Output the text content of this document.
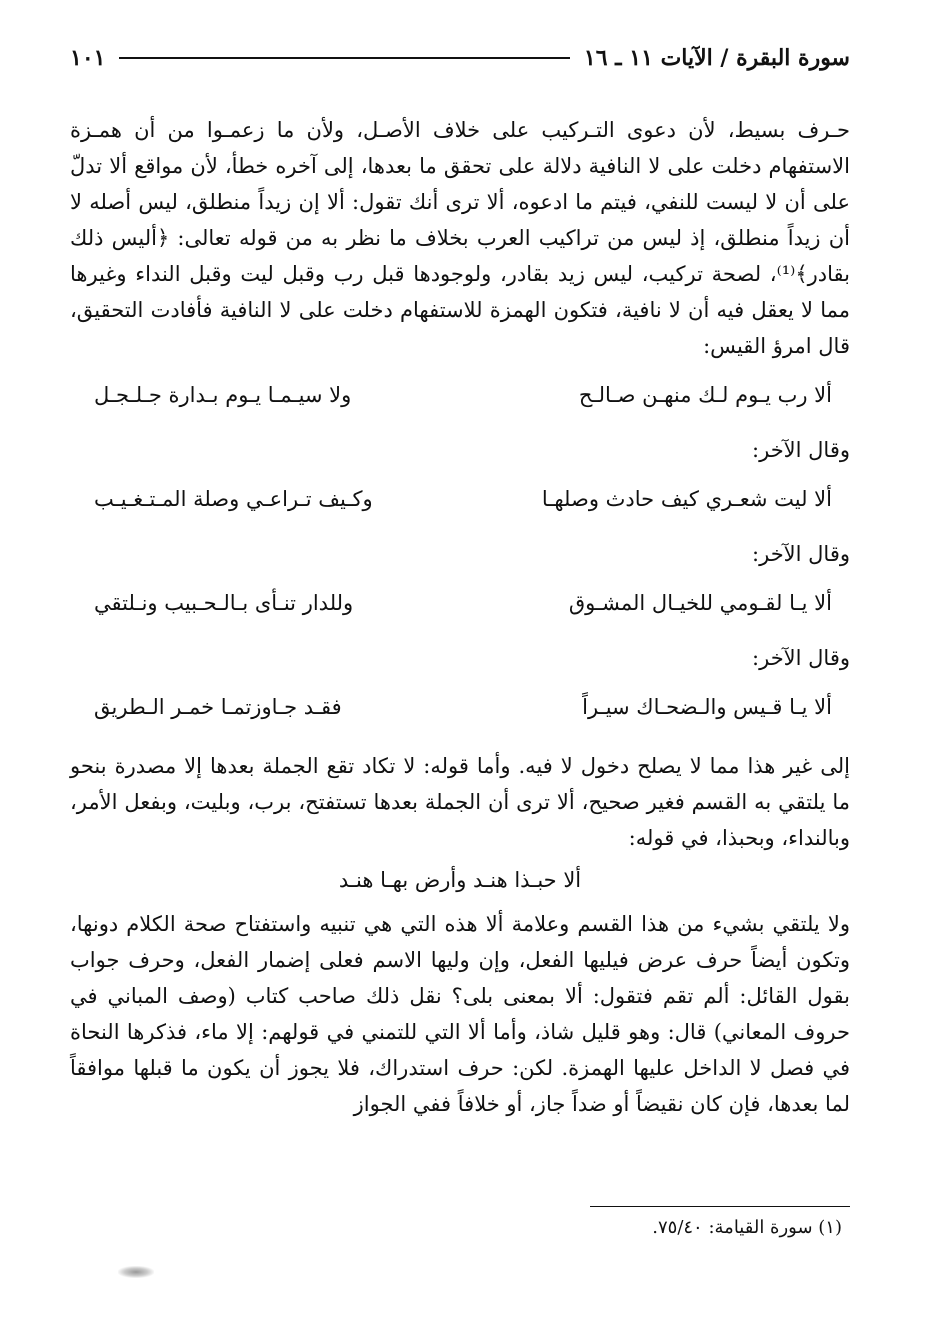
سورة البقرة / الآيات ١١ ـ ١٦
١٠١

حـرف بسيط، لأن دعوى التـركيب على خلاف الأصـل، ولأن ما زعمـوا من أن همـزة الاستفهام دخلت على لا النافية دلالة على تحقق ما بعدها، إلى آخره خطأ، لأن مواقع ألا تدلّ على أن لا ليست للنفي، فيتم ما ادعوه، ألا ترى أنك تقول: ألا إن زيداً منطلق، ليس أصله لا أن زيداً منطلق، إذ ليس من تراكيب العرب بخلاف ما نظر به من قوله تعالى: ﴿أليس ذلك بقادر﴾⁽¹⁾، لصحة تركيب، ليس زيد بقادر، ولوجودها قبل رب وقبل ليت وقبل النداء وغيرها مما لا يعقل فيه أن لا نافية، فتكون الهمزة للاستفهام دخلت على لا النافية فأفادت التحقيق، قال امرؤ القيس:

ألا رب يـوم لـك منهـن صـالـح
ولا سيـمـا يـوم بـدارة جـلـجـل
وقال الآخر:
ألا ليت شعـري كيف حادث وصلهـا
وكـيف تـراعـي وصلة المـتـغـيـب
وقال الآخر:
ألا يـا لقـومي للخيـال المشـوق
وللدار تنـأى بـالـحـبيب ونـلتقي
وقال الآخر:
ألا يـا قـيس والـضحـاك سيـراً
فقـد جـاوزتمـا خمـر الـطريق

إلى غير هذا مما لا يصلح دخول لا فيه. وأما قوله: لا تكاد تقع الجملة بعدها إلا مصدرة بنحو ما يلتقي به القسم فغير صحيح، ألا ترى أن الجملة بعدها تستفتح، برب، وبليت، وبفعل الأمر، وبالنداء، وبحبذا، في قوله:

ألا حبـذا هنـد وأرض بهـا هنـد

ولا يلتقي بشيء من هذا القسم وعلامة ألا هذه التي هي تنبيه واستفتاح صحة الكلام دونها، وتكون أيضاً حرف عرض فيليها الفعل، وإن وليها الاسم فعلى إضمار الفعل، وحرف جواب بقول القائل: ألم تقم فتقول: ألا بمعنى بلى؟ نقل ذلك صاحب كتاب (وصف المباني في حروف المعاني) قال: وهو قليل شاذ، وأما ألا التي للتمني في قولهم: إلا ماء، فذكرها النحاة في فصل لا الداخل عليها الهمزة. لكن: حرف استدراك، فلا يجوز أن يكون ما قبلها موافقاً لما بعدها، فإن كان نقيضاً أو ضداً جاز، أو خلافاً ففي الجواز

(١) سورة القيامة: ٧٥/٤٠.
